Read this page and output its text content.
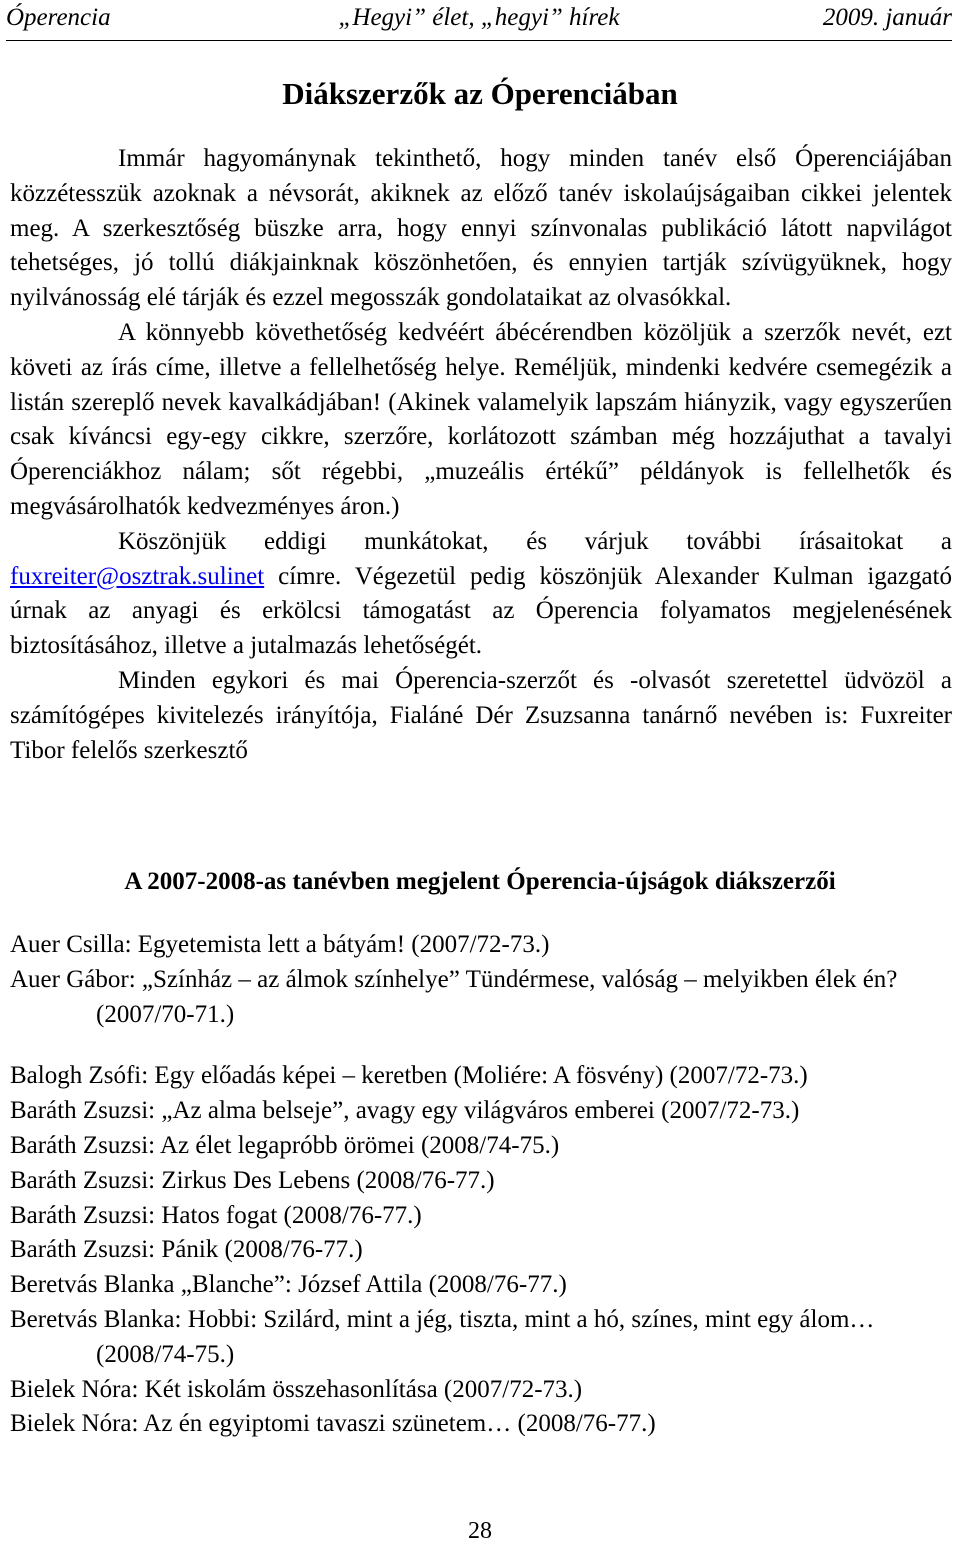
Óperencia	„Hegyi” élet, „hegyi” hírek	2009. január
Diákszerzők az Óperenciában

Immár hagyománynak tekinthető, hogy minden tanév első Óperenciájában közzétesszük azoknak a névsorát, akiknek az előző tanév iskolaújságaiban cikkei jelentek meg. A szerkesztőség büszke arra, hogy ennyi színvonalas publikáció látott napvilágot tehetséges, jó tollú diákjainknak köszönhetően, és ennyien tartják szívügyüknek, hogy nyilvánosság elé tárják és ezzel megosszák gondolataikat az olvasókkal.

A könnyebb követhetőség kedvéért ábécérendben közöljük a szerzők nevét, ezt követi az írás címe, illetve a fellelhetőség helye. Reméljük, mindenki kedvére csemegézik a listán szereplő nevek kavalkádjában! (Akinek valamelyik lapszám hiányzik, vagy egyszerűen csak kíváncsi egy-egy cikkre, szerzőre, korlátozott számban még hozzájuthat a tavalyi Óperenciákhoz nálam; sőt régebbi, „muzeális értékű” példányok is fellelhetők és megvásárolhatók kedvezményes áron.)

Köszönjük eddigi munkátokat, és várjuk további írásaitokat a fuxreiter@osztrak.sulinet címre. Végezetül pedig köszönjük Alexander Kulman igazgató úrnak az anyagi és erkölcsi támogatást az Óperencia folyamatos megjelenésének biztosításához, illetve a jutalmazás lehetőségét.

Minden egykori és mai Óperencia-szerzőt és -olvasót szeretettel üdvözöl a számítógépes kivitelezés irányítója, Fialáné Dér Zsuzsanna tanárnő nevében is: Fuxreiter Tibor felelős szerkesztő

A 2007-2008-as tanévben megjelent Óperencia-újságok diákszerzői

Auer Csilla: Egyetemista lett a bátyám! (2007/72-73.)

Auer Gábor: „Színház – az álmok színhelye” Tündérmese, valóság – melyikben élek én? (2007/70-71.)

Balogh Zsófi: Egy előadás képei – keretben (Moliére: A fösvény) (2007/72-73.)

Baráth Zsuzsi: „Az alma belseje”, avagy egy világváros emberei (2007/72-73.)

Baráth Zsuzsi: Az élet legapróbb örömei (2008/74-75.)

Baráth Zsuzsi: Zirkus Des Lebens (2008/76-77.)

Baráth Zsuzsi: Hatos fogat (2008/76-77.)

Baráth Zsuzsi: Pánik (2008/76-77.)

Beretvás Blanka „Blanche”: József Attila (2008/76-77.)

Beretvás Blanka: Hobbi: Szilárd, mint a jég, tiszta, mint a hó, színes, mint egy álom… (2008/74-75.)

Bielek Nóra: Két iskolám összehasonlítása (2007/72-73.)

Bielek Nóra: Az én egyiptomi tavaszi szünetem… (2008/76-77.)

28
